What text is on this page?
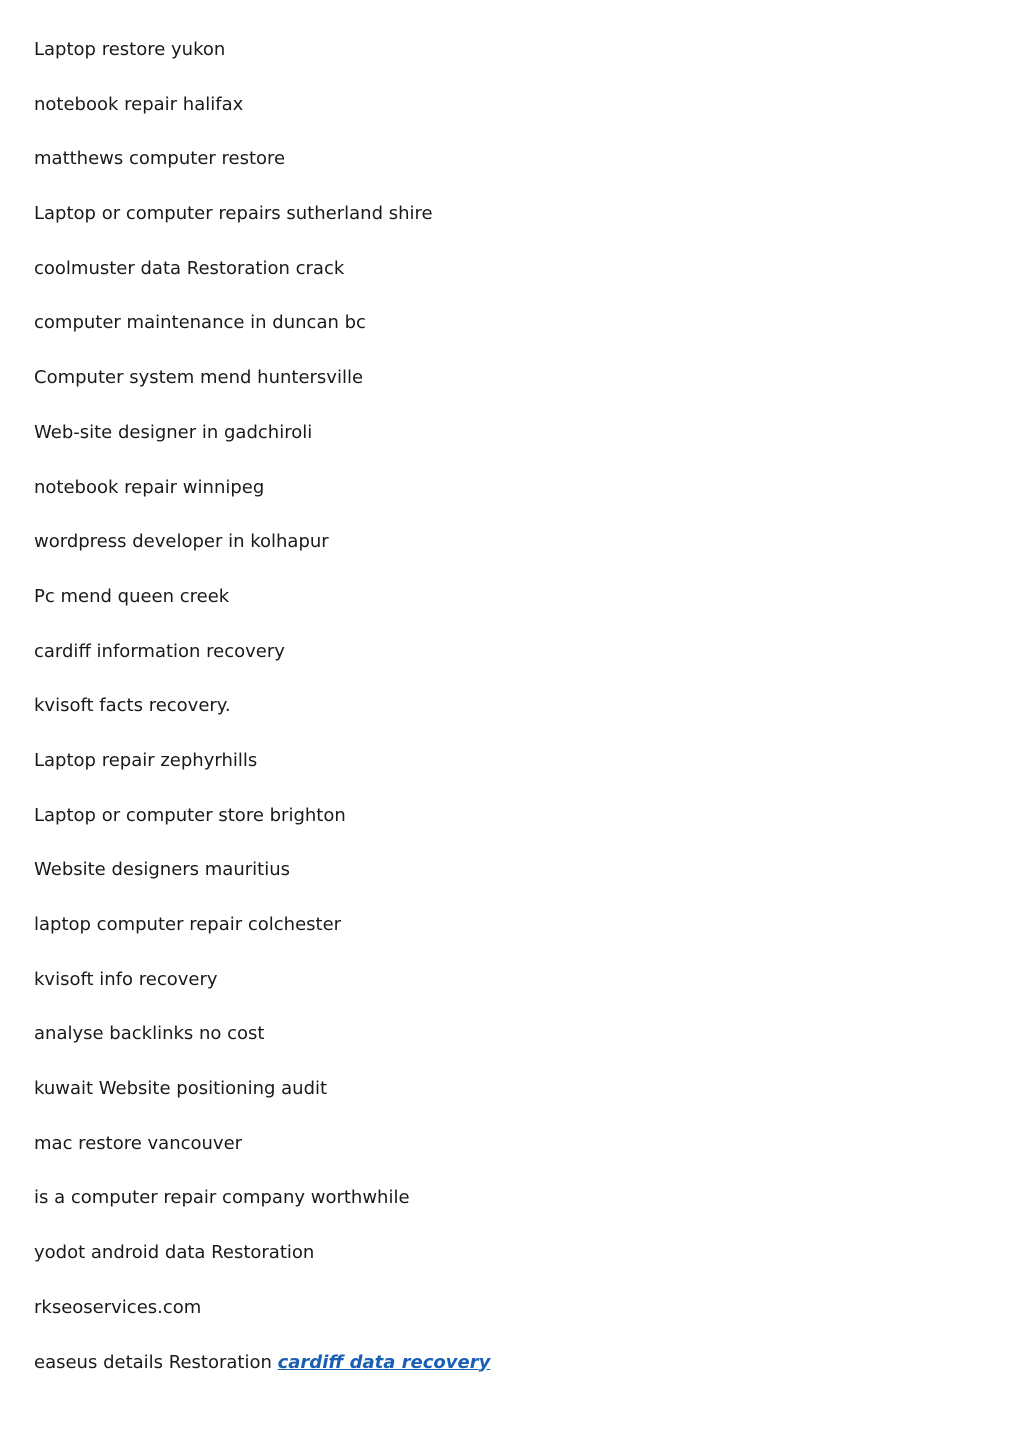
Laptop restore yukon
notebook repair halifax
matthews computer restore
Laptop or computer repairs sutherland shire
coolmuster data Restoration crack
computer maintenance in duncan bc
Computer system mend huntersville
Web-site designer in gadchiroli
notebook repair winnipeg
wordpress developer in kolhapur
Pc mend queen creek
cardiff information recovery
kvisoft facts recovery.
Laptop repair zephyrhills
Laptop or computer store brighton
Website designers mauritius
laptop computer repair colchester
kvisoft info recovery
analyse backlinks no cost
kuwait Website positioning audit
mac restore vancouver
is a computer repair company worthwhile
yodot android data Restoration
rkseoservices.com
easeus details Restoration cardiff data recovery
